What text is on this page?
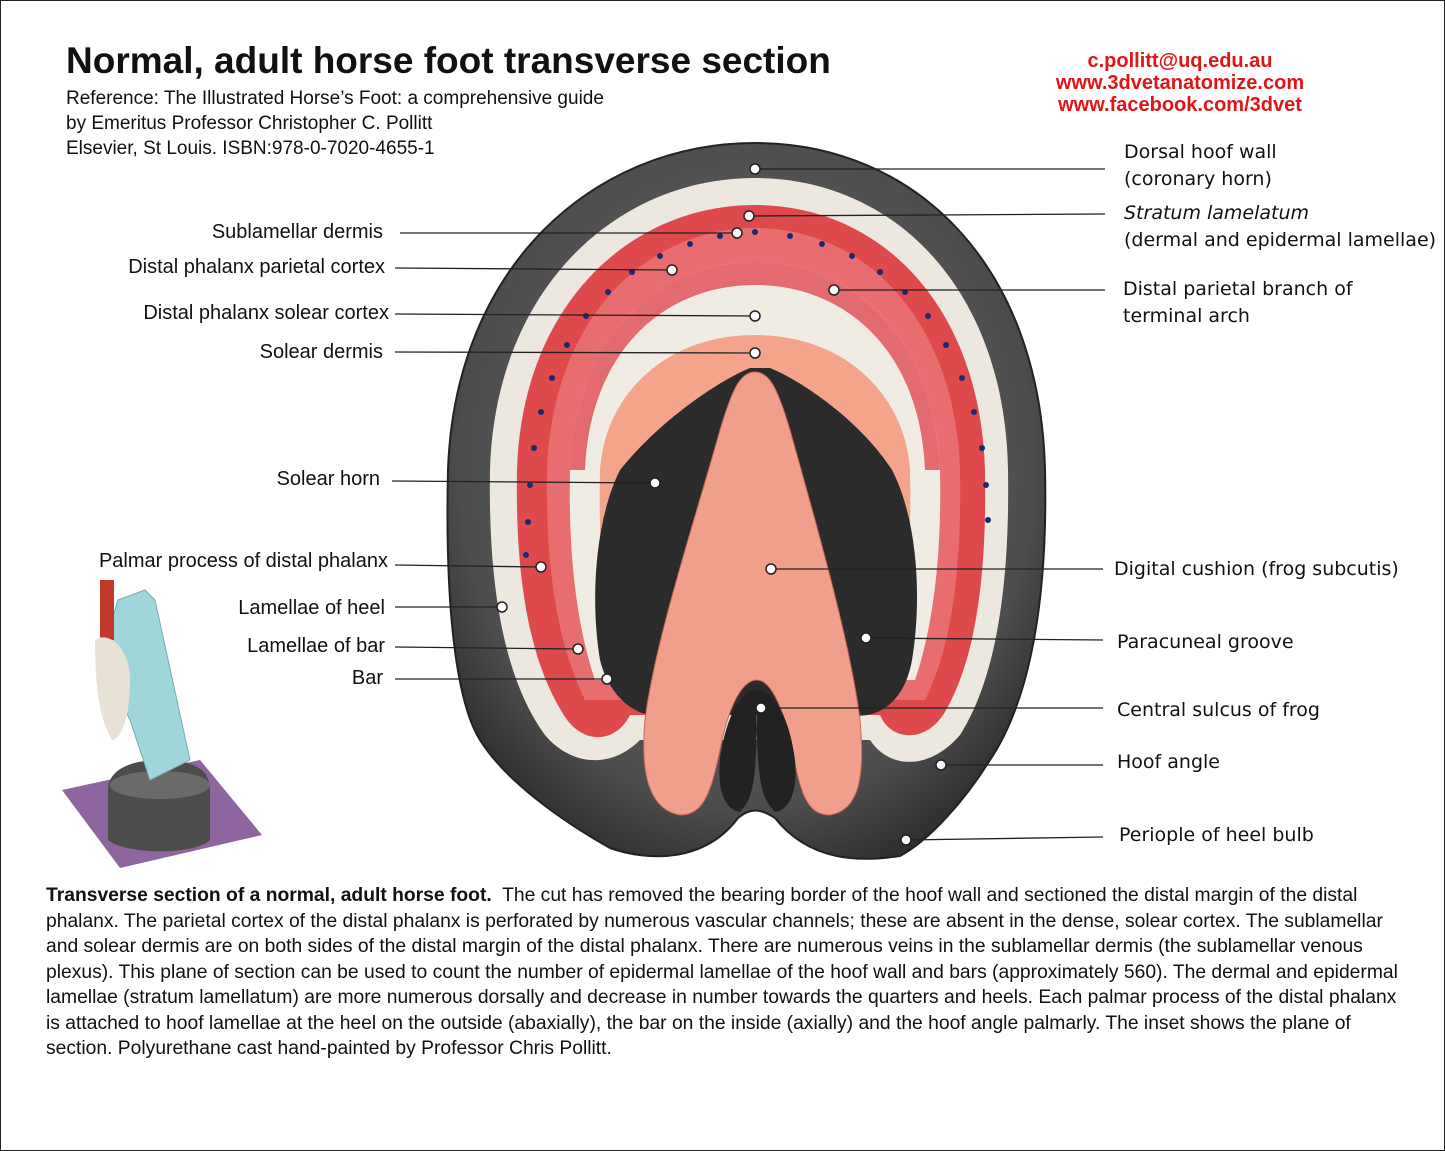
Normal, adult horse foot transverse section
Reference: The Illustrated Horse’s Foot: a comprehensive guide
by Emeritus Professor Christopher C. Pollitt
Elsevier, St Louis. ISBN:978-0-7020-4655-1
c.pollitt@uq.edu.au
www.3dvetanatomize.com
www.facebook.com/3dvet
Sublamellar dermis
Distal phalanx parietal cortex
Distal phalanx solear cortex
Solear dermis
Solear horn
Palmar process of distal phalanx
Lamellae of heel
Lamellae of bar
Bar
Dorsal hoof wall
(coronary horn)
Stratum lamelatum
(dermal and epidermal lamellae)
Distal parietal branch of
terminal arch
Digital cushion (frog subcutis)
Paracuneal groove
Central sulcus of frog
Hoof angle
Periople of heel bulb
Transverse section of a normal, adult horse foot. The cut has removed the bearing border of the hoof wall and sectioned the distal margin of the distal phalanx. The parietal cortex of the distal phalanx is perforated by numerous vascular channels; these are absent in the dense, solear cortex. The sublamellar and solear dermis are on both sides of the distal margin of the distal phalanx. There are numerous veins in the sublamellar dermis (the sublamellar venous plexus). This plane of section can be used to count the number of epidermal lamellae of the hoof wall and bars (approximately 560). The dermal and epidermal lamellae (stratum lamellatum) are more numerous dorsally and decrease in number towards the quarters and heels. Each palmar process of the distal phalanx is attached to hoof lamellae at the heel on the outside (abaxially), the bar on the inside (axially) and the hoof angle palmarly. The inset shows the plane of section. Polyurethane cast hand-painted by Professor Chris Pollitt.
